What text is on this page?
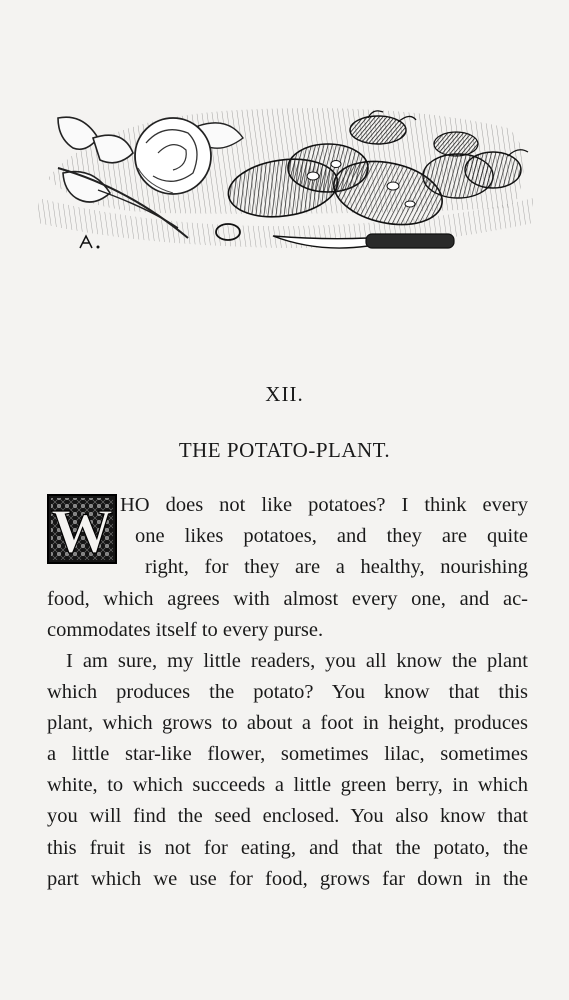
XII.
THE POTATO-PLANT.
W HO does not like potatoes? I think every
one likes potatoes, and they are quite
right, for they are a healthy, nourishing
food, which agrees with almost every one, and ac-
commodates itself to every purse.
I am sure, my little readers, you all know the plant
which produces the potato? You know that this
plant, which grows to about a foot in height, produces
a little star-like flower, sometimes lilac, sometimes
white, to which succeeds a little green berry, in which
you will find the seed enclosed. You also know that
this fruit is not for eating, and that the potato, the
part which we use for food, grows far down in the
